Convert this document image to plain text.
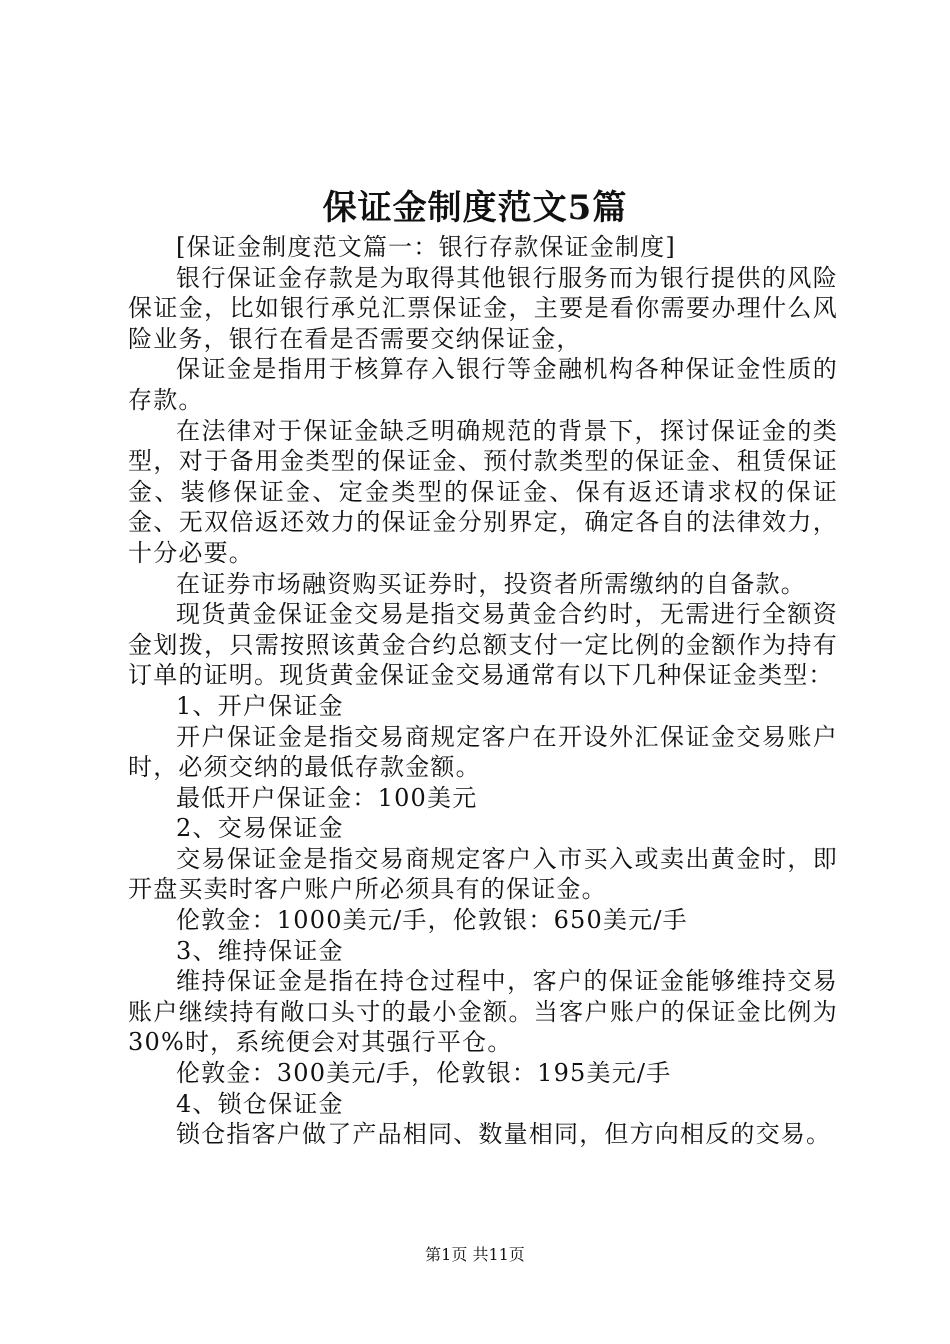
保证金制度范文5篇

[保证金制度范文篇一：银行存款保证金制度]

银行保证金存款是为取得其他银行服务而为银行提供的风险保证金，比如银行承兑汇票保证金，主要是看你需要办理什么风险业务，银行在看是否需要交纳保证金，

保证金是指用于核算存入银行等金融机构各种保证金性质的存款。

在法律对于保证金缺乏明确规范的背景下，探讨保证金的类型，对于备用金类型的保证金、预付款类型的保证金、租赁保证金、装修保证金、定金类型的保证金、保有返还请求权的保证金、无双倍返还效力的保证金分别界定，确定各自的法律效力，十分必要。

在证券市场融资购买证券时，投资者所需缴纳的自备款。

现货黄金保证金交易是指交易黄金合约时，无需进行全额资金划拨，只需按照该黄金合约总额支付一定比例的金额作为持有订单的证明。现货黄金保证金交易通常有以下几种保证金类型：

1、开户保证金

开户保证金是指交易商规定客户在开设外汇保证金交易账户时，必须交纳的最低存款金额。

最低开户保证金：100美元

2、交易保证金

交易保证金是指交易商规定客户入市买入或卖出黄金时，即开盘买卖时客户账户所必须具有的保证金。

伦敦金：1000美元/手，伦敦银：650美元/手

3、维持保证金

维持保证金是指在持仓过程中，客户的保证金能够维持交易账户继续持有敞口头寸的最小金额。当客户账户的保证金比例为30%时，系统便会对其强行平仓。

伦敦金：300美元/手，伦敦银：195美元/手

4、锁仓保证金

锁仓指客户做了产品相同、数量相同，但方向相反的交易。

第1页 共11页
